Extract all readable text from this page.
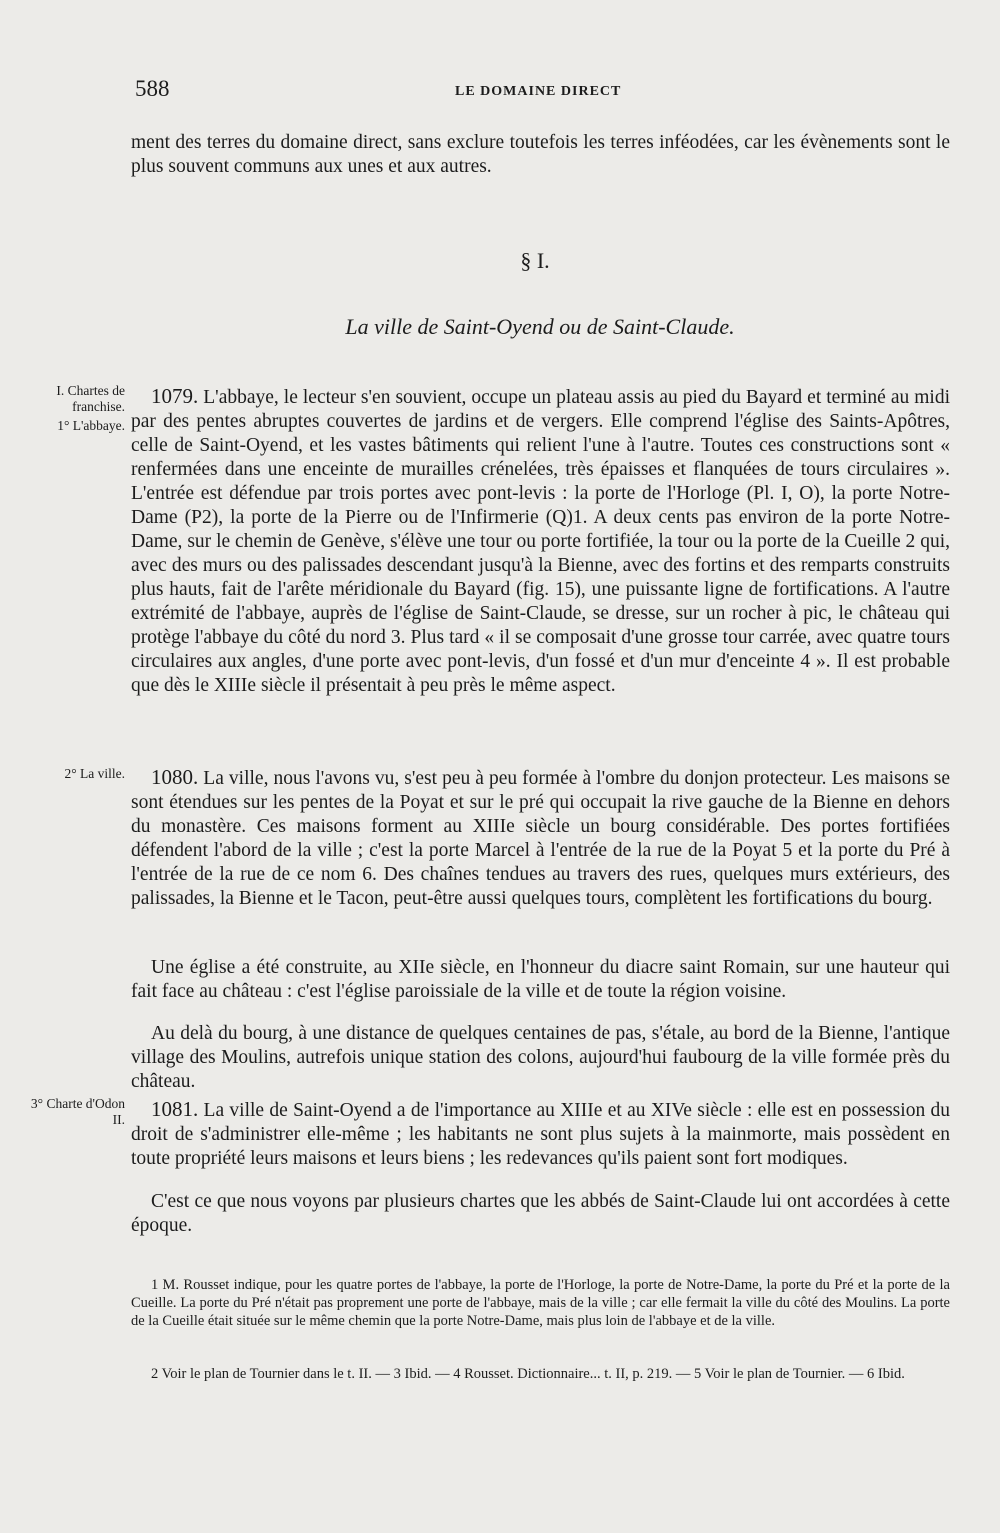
588	LE DOMAINE DIRECT

ment des terres du domaine direct, sans exclure toutefois les terres inféodées, car les évènements sont le plus souvent communs aux unes et aux autres.

§ I.
La ville de Saint-Oyend ou de Saint-Claude.
I. Chartes de franchise.
1° L'abbaye.
2° La ville.
3° Charte d'Odon II.

1079. L'abbaye, le lecteur s'en souvient, occupe un plateau assis au pied du Bayard et terminé au midi par des pentes abruptes couvertes de jardins et de vergers. Elle comprend l'église des Saints-Apôtres, celle de Saint-Oyend, et les vastes bâtiments qui relient l'une à l'autre. Toutes ces constructions sont « renfermées dans une enceinte de murailles crénelées, très épaisses et flanquées de tours circulaires ». L'entrée est défendue par trois portes avec pont-levis : la porte de l'Horloge (Pl. I, O), la porte Notre-Dame (P2), la porte de la Pierre ou de l'Infirmerie (Q)1. A deux cents pas environ de la porte Notre-Dame, sur le chemin de Genève, s'élève une tour ou porte fortifiée, la tour ou la porte de la Cueille 2 qui, avec des murs ou des palissades descendant jusqu'à la Bienne, avec des fortins et des remparts construits plus hauts, fait de l'arête méridionale du Bayard (fig. 15), une puissante ligne de fortifications. A l'autre extrémité de l'abbaye, auprès de l'église de Saint-Claude, se dresse, sur un rocher à pic, le château qui protège l'abbaye du côté du nord 3. Plus tard « il se composait d'une grosse tour carrée, avec quatre tours circulaires aux angles, d'une porte avec pont-levis, d'un fossé et d'un mur d'enceinte 4 ». Il est probable que dès le XIIIe siècle il présentait à peu près le même aspect.

1080. La ville, nous l'avons vu, s'est peu à peu formée à l'ombre du donjon protecteur. Les maisons se sont étendues sur les pentes de la Poyat et sur le pré qui occupait la rive gauche de la Bienne en dehors du monastère. Ces maisons forment au XIIIe siècle un bourg considérable. Des portes fortifiées défendent l'abord de la ville ; c'est la porte Marcel à l'entrée de la rue de la Poyat 5 et la porte du Pré à l'entrée de la rue de ce nom 6. Des chaînes tendues au travers des rues, quelques murs extérieurs, des palissades, la Bienne et le Tacon, peut-être aussi quelques tours, complètent les fortifications du bourg.

Une église a été construite, au XIIe siècle, en l'honneur du diacre saint Romain, sur une hauteur qui fait face au château : c'est l'église paroissiale de la ville et de toute la région voisine.

Au delà du bourg, à une distance de quelques centaines de pas, s'étale, au bord de la Bienne, l'antique village des Moulins, autrefois unique station des colons, aujourd'hui faubourg de la ville formée près du château.

1081. La ville de Saint-Oyend a de l'importance au XIIIe et au XIVe siècle : elle est en possession du droit de s'administrer elle-même ; les habitants ne sont plus sujets à la mainmorte, mais possèdent en toute propriété leurs maisons et leurs biens ; les redevances qu'ils paient sont fort modiques.

C'est ce que nous voyons par plusieurs chartes que les abbés de Saint-Claude lui ont accordées à cette époque.

1 M. Rousset indique, pour les quatre portes de l'abbaye, la porte de l'Horloge, la porte de Notre-Dame, la porte du Pré et la porte de la Cueille. La porte du Pré n'était pas proprement une porte de l'abbaye, mais de la ville ; car elle fermait la ville du côté des Moulins. La porte de la Cueille était située sur le même chemin que la porte Notre-Dame, mais plus loin de l'abbaye et de la ville.

2 Voir le plan de Tournier dans le t. II. — 3 Ibid. — 4 Rousset. Dictionnaire... t. II, p. 219. — 5 Voir le plan de Tournier. — 6 Ibid.
